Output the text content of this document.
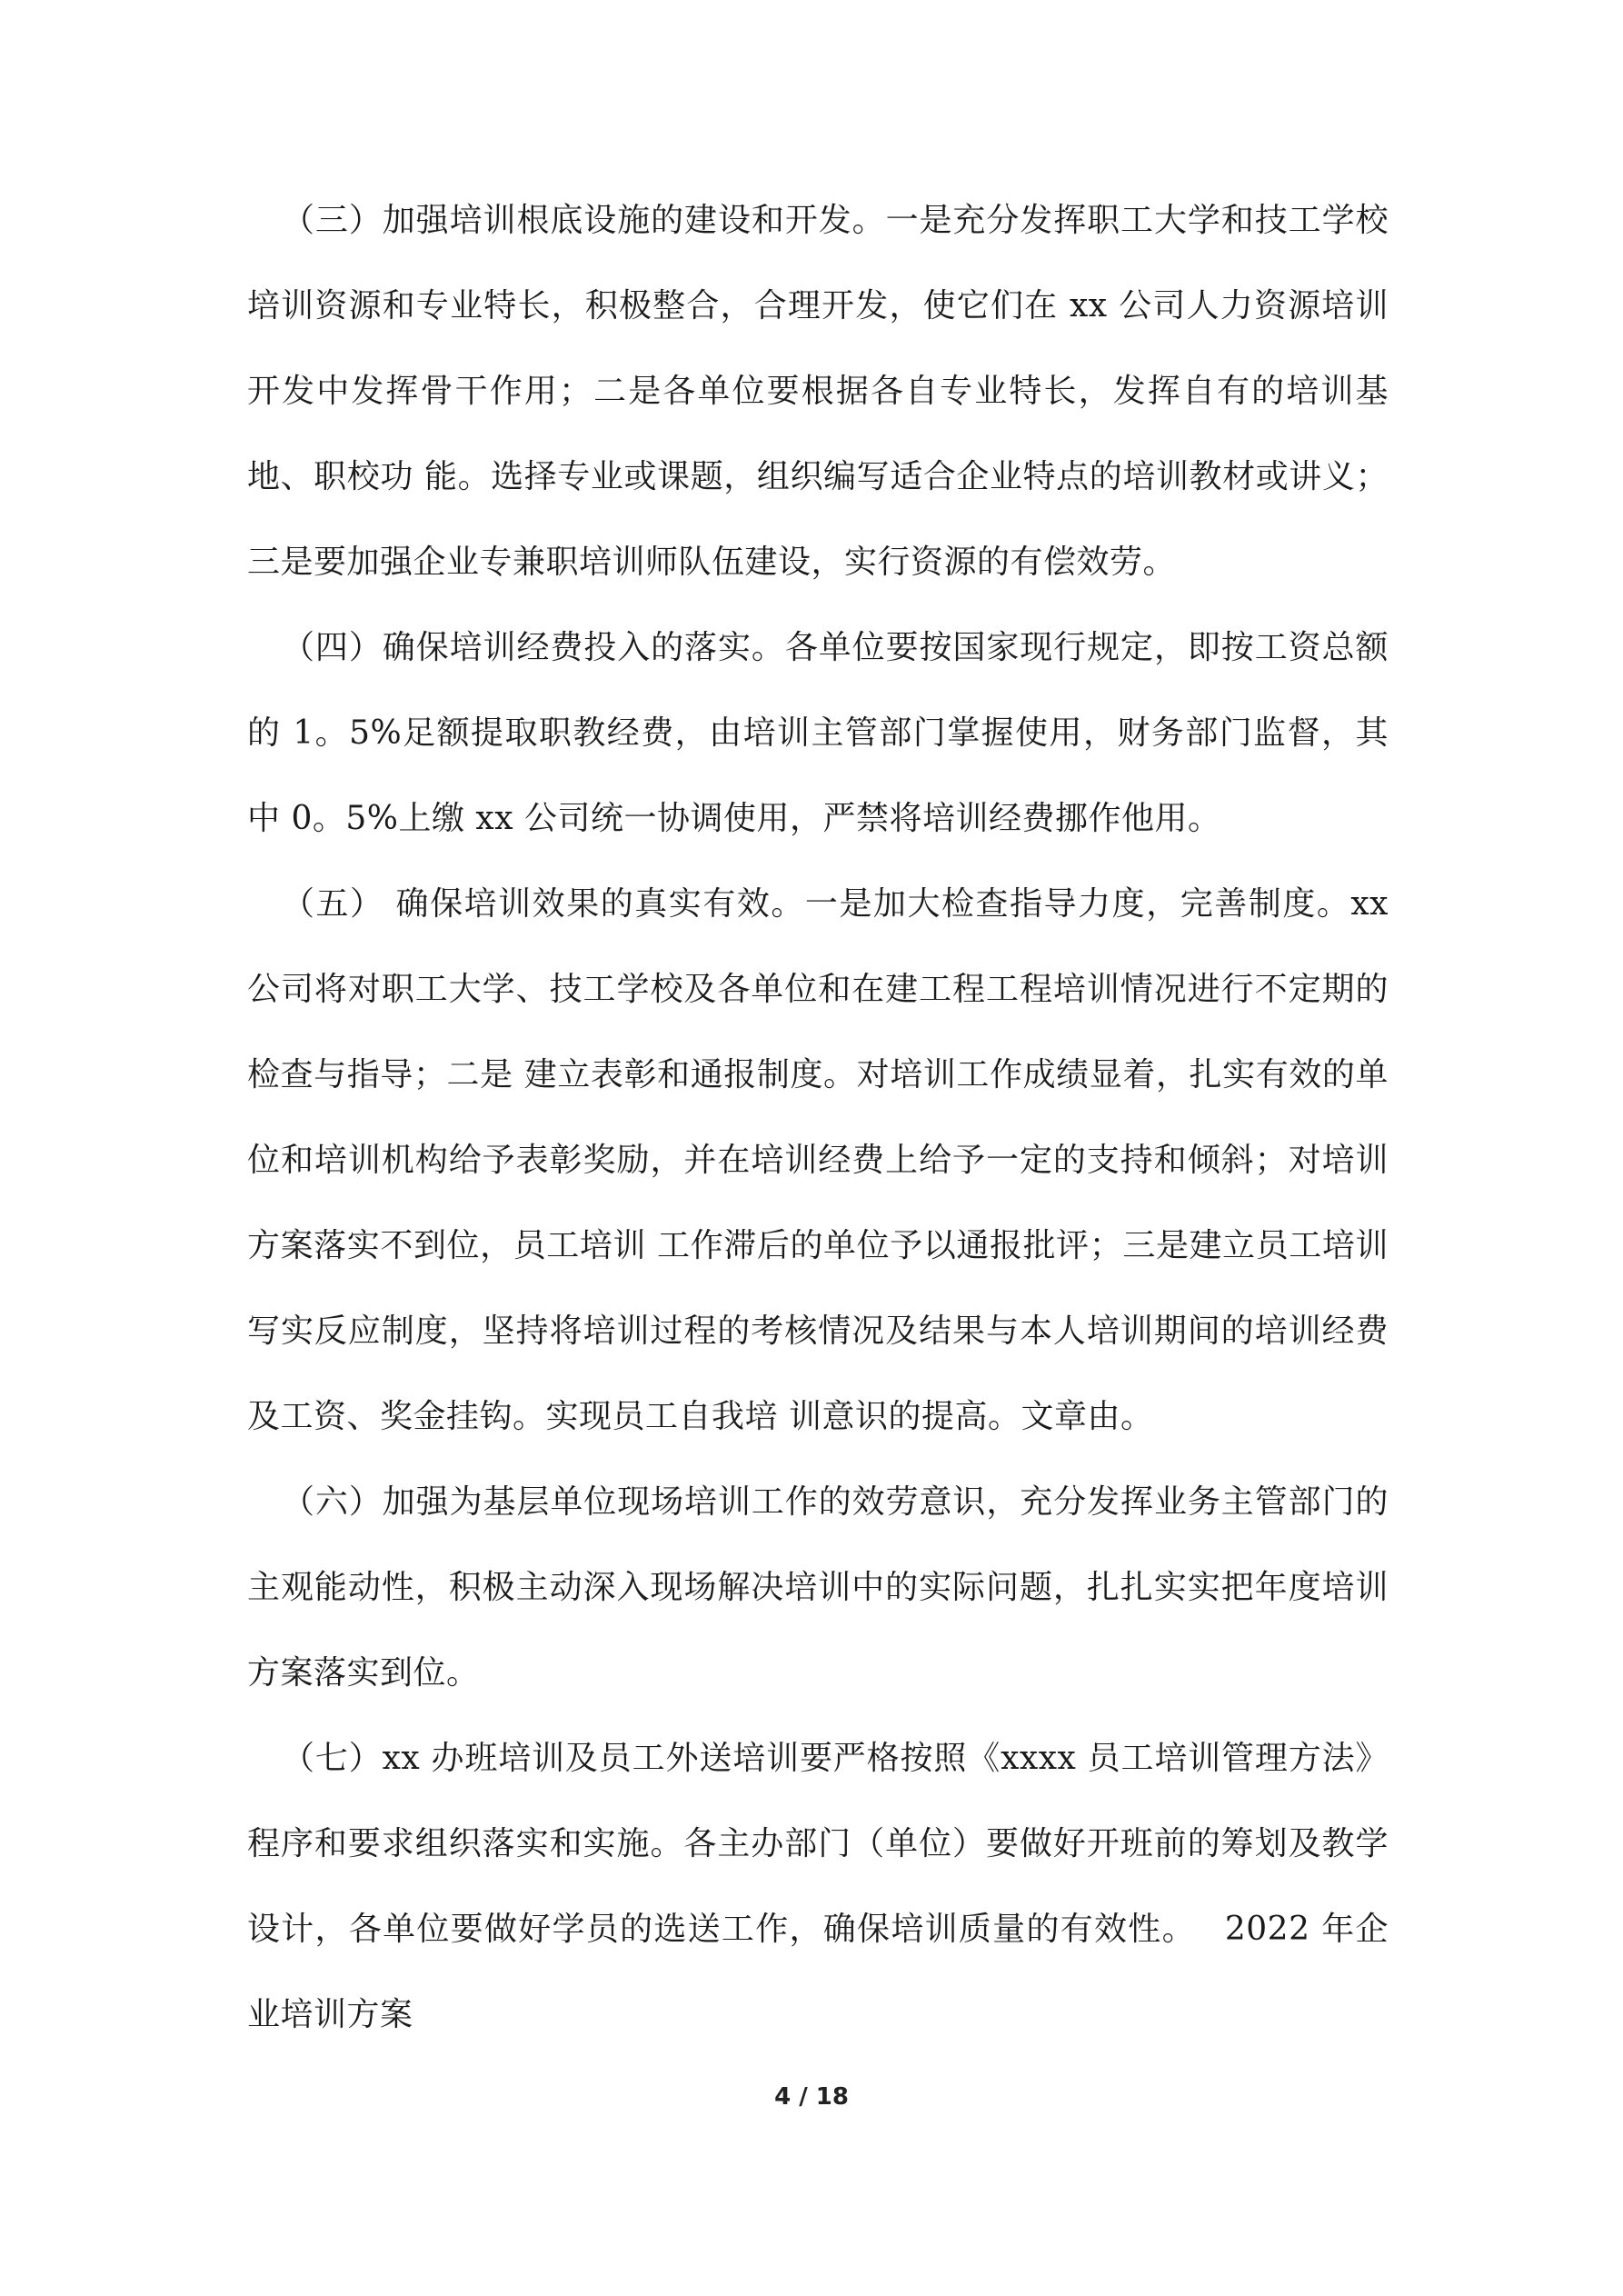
（三）加强培训根底设施的建设和开发。一是充分发挥职工大学和技工学校 培训资源和专业特长，积极整合，合理开发，使它们在 xx 公司人力资源培训开发中发挥骨干作用；二是各单位要根据各自专业特长，发挥自有的培训基地、职校功 能。选择专业或课题，组织编写适合企业特点的培训教材或讲义；三是要加强企业专兼职培训师队伍建设，实行资源的有偿效劳。

（四）确保培训经费投入的落实。各单位要按国家现行规定，即按工资总额的 1。5%足额提取职教经费，由培训主管部门掌握使用，财务部门监督，其中 0。5%上缴 xx 公司统一协调使用，严禁将培训经费挪作他用。

（五） 确保培训效果的真实有效。一是加大检查指导力度，完善制度。xx 公司将对职工大学、技工学校及各单位和在建工程工程培训情况进行不定期的检查与指导；二是 建立表彰和通报制度。对培训工作成绩显着，扎实有效的单位和培训机构给予表彰奖励，并在培训经费上给予一定的支持和倾斜；对培训方案落实不到位，员工培训 工作滞后的单位予以通报批评；三是建立员工培训写实反应制度，坚持将培训过程的考核情况及结果与本人培训期间的培训经费及工资、奖金挂钩。实现员工自我培 训意识的提高。文章由。

（六）加强为基层单位现场培训工作的效劳意识，充分发挥业务主管部门的主观能动性，积极主动深入现场解决培训中的实际问题，扎扎实实把年度培训方案落实到位。

（七）xx 办班培训及员工外送培训要严格按照《xxxx 员工培训管理方法》程序和要求组织落实和实施。各主办部门（单位）要做好开班前的筹划及教学设计，各单位要做好学员的选送工作，确保培训质量的有效性。　 2022 年企业培训方案

4 / 18
